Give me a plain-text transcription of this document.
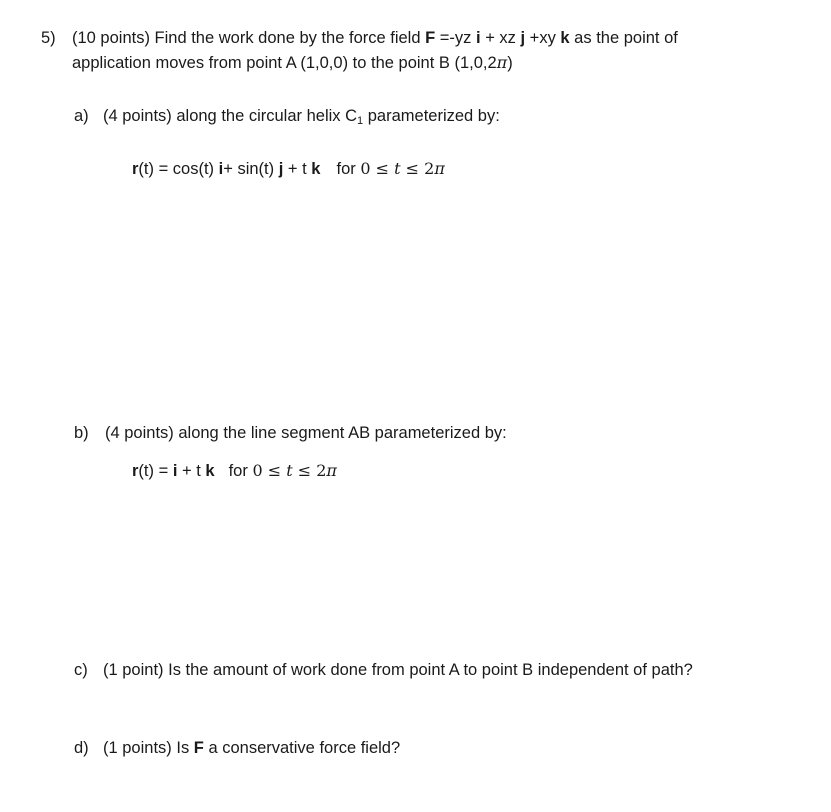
5) (10 points) Find the work done by the force field F =-yz i + xz j +xy k as the point of
application moves from point A (1,0,0) to the point B (1,0,2π)
a) (4 points) along the circular helix $C_1$ parameterized by:
r(t) = cos(t) i+ sin(t) j + t k for 0 ≤ t ≤ 2π
b) (4 points) along the line segment AB parameterized by:
r(t) = i + t k for 0 ≤ t ≤ 2π
c) (1 point) Is the amount of work done from point A to point B independent of path?
d) (1 points) Is F a conservative force field?
